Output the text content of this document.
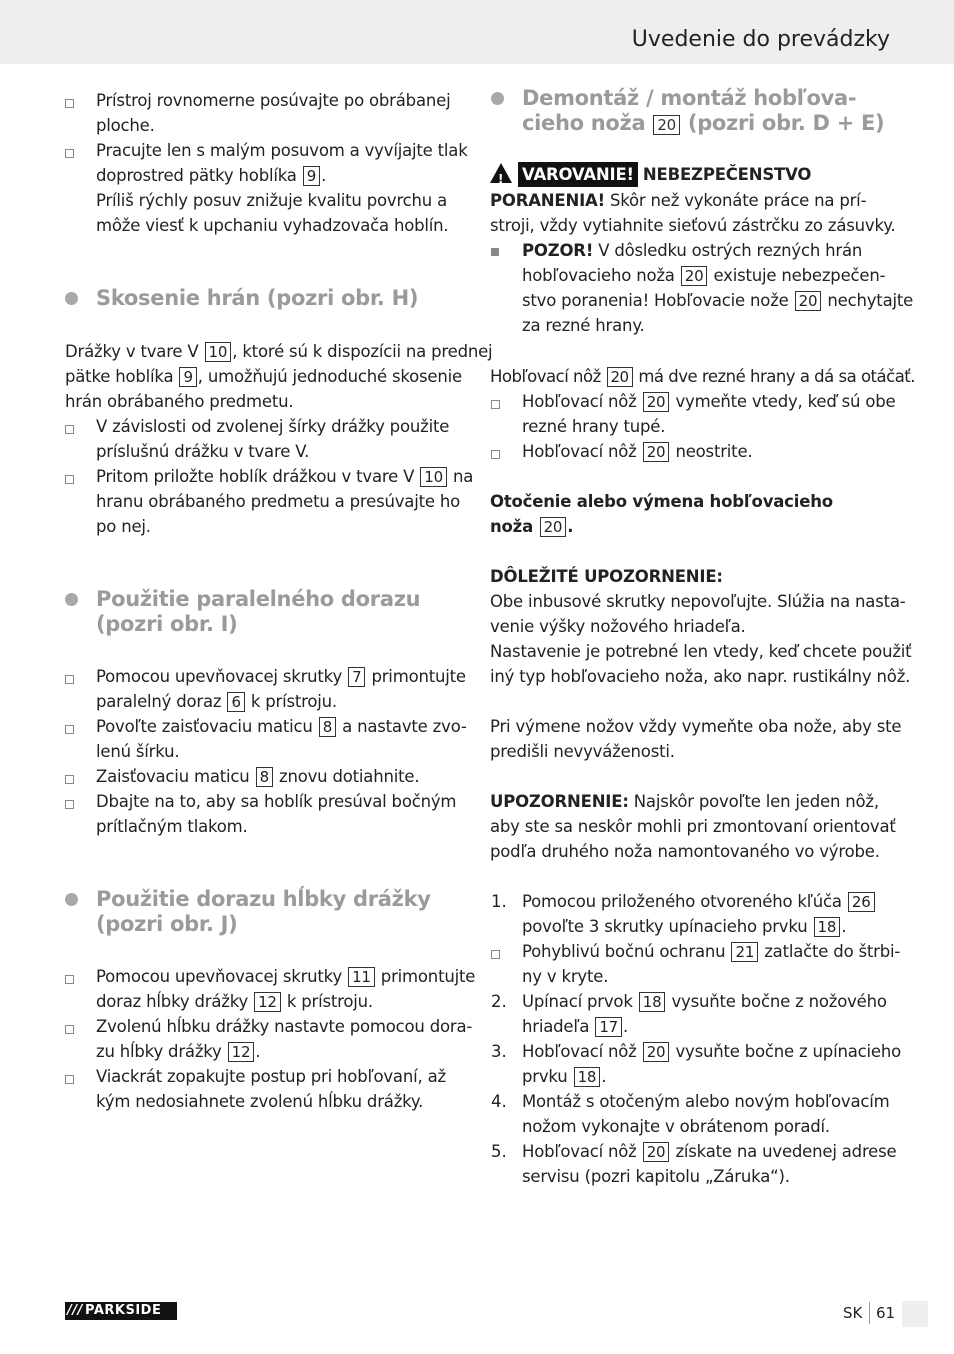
Uvedenie do prevádzky
Prístroj rovnomerne posúvajte po obrábanej
ploche.
Pracujte len s malým posuvom a vyvíjajte tlak
doprostred pätky hoblíka 9 .
Príliš rýchly posuv znižuje kvalitu povrchu a
môže viesť k upchaniu vyhadzovača hoblín.
Skosenie hrán (pozri obr. H)
Drážky v tvare V 10 , ktoré sú k dispozícii na prednej
pätke hoblíka 9 , umožňujú jednoduché skosenie
hrán obrábaného predmetu.
V závislosti od zvolenej šírky drážky použite
príslušnú drážku v tvare V.
Pritom priložte hoblík drážkou v tvare V 10 na
hranu obrábaného predmetu a presúvajte ho
po nej.
Použitie paralelného dorazu
(pozri obr. I)
Pomocou upevňovacej skrutky 7 primontujte
paralelný doraz 6 k prístroju.
Povoľte zaisťovaciu maticu 8 a nastavte zvo-
lenú šírku.
Zaisťovaciu maticu 8 znovu dotiahnite.
Dbajte na to, aby sa hoblík presúval bočným
prítlačným tlakom.
Použitie dorazu hĺbky drážky
(pozri obr. J)
Pomocou upevňovacej skrutky 11 primontujte
doraz hĺbky drážky 12 k prístroju.
Zvolenú hĺbku drážky nastavte pomocou dora-
zu hĺbky drážky 12 .
Viackrát zopakujte postup pri hobľovaní, až
kým nedosiahnete zvolenú hĺbku drážky.
Demontáž / montáž hobľova-
cieho noža 20 (pozri obr. D + E)
! VAROVANIE! NEBEZPEČENSTVO
PORANENIA! Skôr než vykonáte práce na prí-
stroji, vždy vytiahnite sieťovú zástrčku zo zásuvky.
POZOR! V dôsledku ostrých rezných hrán
hobľovacieho noža 20 existuje nebezpečen-
stvo poranenia! Hobľovacie nože 20 nechytajte
za rezné hrany.
Hobľovací nôž 20 má dve rezné hrany a dá sa otáčať.
Hobľovací nôž 20 vymeňte vtedy, keď sú obe
rezné hrany tupé.
Hobľovací nôž 20 neostrite.
Otočenie alebo výmena hobľovacieho
noža 20 .
DÔLEŽITÉ UPOZORNENIE:
Obe inbusové skrutky nepovoľujte. Slúžia na nasta-
venie výšky nožového hriadeľa.
Nastavenie je potrebné len vtedy, keď chcete použiť
iný typ hobľovacieho noža, ako napr. rustikálny nôž.
Pri výmene nožov vždy vymeňte oba nože, aby ste
predišli nevyváženosti.
UPOZORNENIE: Najskôr povoľte len jeden nôž,
aby ste sa neskôr mohli pri zmontovaní orientovať
podľa druhého noža namontovaného vo výrobe.
1. Pomocou priloženého otvoreného kľúča 26
povoľte 3 skrutky upínacieho prvku 18 .
Pohyblivú bočnú ochranu 21 zatlačte do štrbi-
ny v kryte.
2. Upínací prvok 18 vysuňte bočne z nožového
hriadeľa 17 .
3. Hobľovací nôž 20 vysuňte bočne z upínacieho
prvku 18 .
4. Montáž s otočeným alebo novým hobľovacím
nožom vykonajte v obrátenom poradí.
5. Hobľovací nôž 20 získate na uvedenej adrese
servisu (pozri kapitolu „Záruka“).
/// PARKSIDE	SK 61
